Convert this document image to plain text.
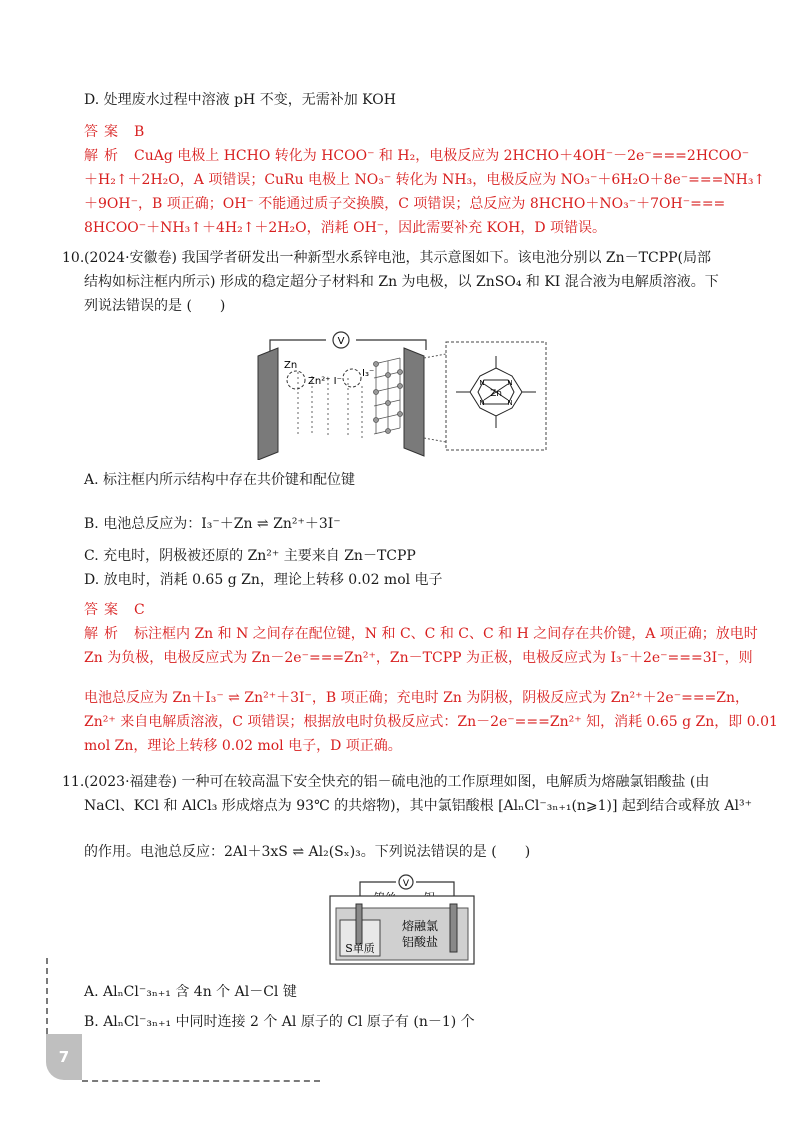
D. 处理废水过程中溶液 pH 不变，无需补加 KOH
答案 B
解析 CuAg 电极上 HCHO 转化为 HCOO⁻ 和 H₂，电极反应为 2HCHO＋4OH⁻－2e⁻===2HCOO⁻
＋H₂↑＋2H₂O，A 项错误；CuRu 电极上 NO₃⁻ 转化为 NH₃，电极反应为 NO₃⁻＋6H₂O＋8e⁻===NH₃↑
＋9OH⁻，B 项正确；OH⁻ 不能通过质子交换膜，C 项错误；总反应为 8HCHO＋NO₃⁻＋7OH⁻===
8HCOO⁻＋NH₃↑＋4H₂↑＋2H₂O，消耗 OH⁻，因此需要补充 KOH，D 项错误。
10.(2024·安徽卷) 我国学者研发出一种新型水系锌电池，其示意图如下。该电池分别以 Zn－TCPP(局部
结构如标注框内所示) 形成的稳定超分子材料和 Zn 为电极，以 ZnSO₄ 和 KI 混合液为电解质溶液。下
列说法错误的是 (　　)
V
Zn
Zn²⁺ I⁻
I₃⁻
Zn
N	N
N	N
A. 标注框内所示结构中存在共价键和配位键
B. 电池总反应为：I₃⁻＋Zn ⇌ Zn²⁺＋3I⁻
C. 充电时，阴极被还原的 Zn²⁺ 主要来自 Zn－TCPP
D. 放电时，消耗 0.65 g Zn，理论上转移 0.02 mol 电子
答案 C
解析 标注框内 Zn 和 N 之间存在配位键，N 和 C、C 和 C、C 和 H 之间存在共价键，A 项正确；放电时
Zn 为负极，电极反应式为 Zn－2e⁻===Zn²⁺，Zn－TCPP 为正极，电极反应式为 I₃⁻＋2e⁻===3I⁻，则
电池总反应为 Zn＋I₃⁻ ⇌ Zn²⁺＋3I⁻，B 项正确；充电时 Zn 为阴极，阴极反应式为 Zn²⁺＋2e⁻===Zn，
Zn²⁺ 来自电解质溶液，C 项错误；根据放电时负极反应式：Zn－2e⁻===Zn²⁺ 知，消耗 0.65 g Zn，即 0.01
mol Zn，理论上转移 0.02 mol 电子，D 项正确。
11.(2023·福建卷) 一种可在较高温下安全快充的铝－硫电池的工作原理如图，电解质为熔融氯铝酸盐 (由
NaCl、KCl 和 AlCl₃ 形成熔点为 93℃ 的共熔物)，其中氯铝酸根 [AlₙCl⁻₃ₙ₊₁(n⩾1)] 起到结合或释放 Al³⁺
的作用。电池总反应：2Al＋3xS ⇌ Al₂(Sₓ)₃。下列说法错误的是 (　　)
V
S单质
熔融氯
铝酸盐
A. AlₙCl⁻₃ₙ₊₁ 含 4n 个 Al－Cl 键
B. AlₙCl⁻₃ₙ₊₁ 中同时连接 2 个 Al 原子的 Cl 原子有 (n－1) 个
7
